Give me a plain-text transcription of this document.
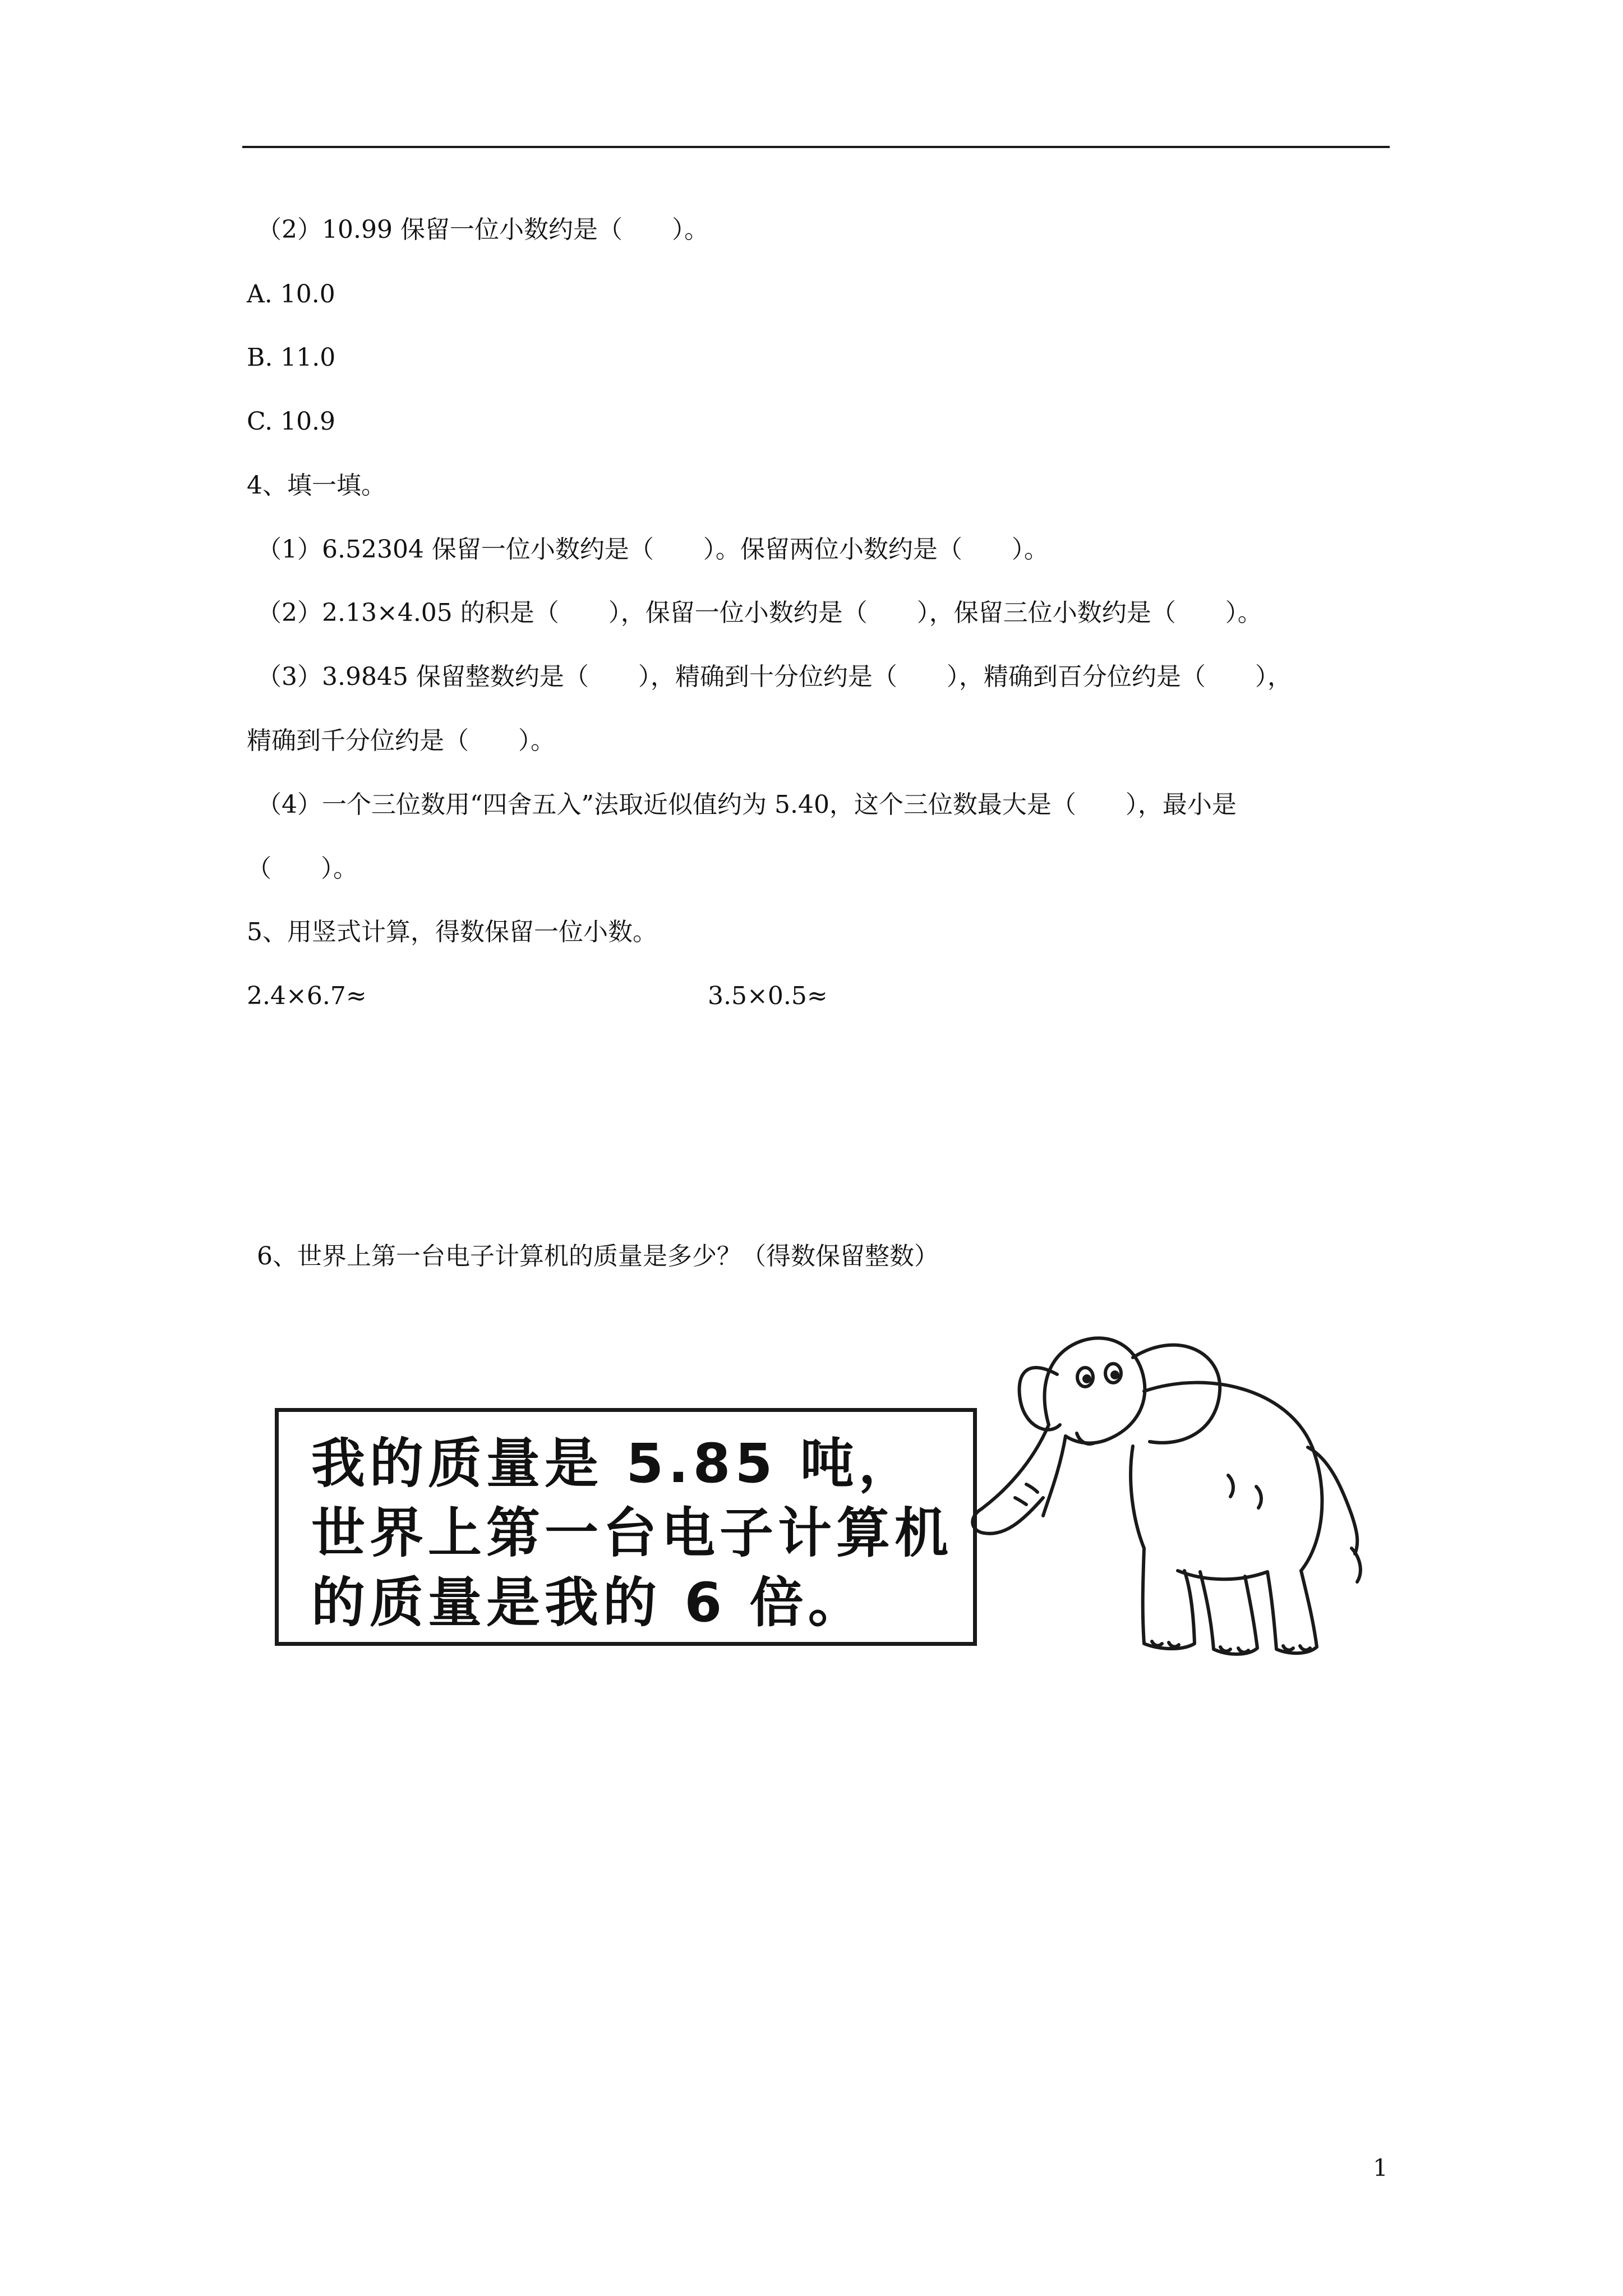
（2）10.99 保留一位小数约是（　　）。
A. 10.0
B. 11.0
C. 10.9
4、填一填。
（1）6.52304 保留一位小数约是（　　）。保留两位小数约是（　　）。
（2）2.13×4.05 的积是（　　），保留一位小数约是（　　），保留三位小数约是（　　）。
（3）3.9845 保留整数约是（　　），精确到十分位约是（　　），精确到百分位约是（　　），
精确到千分位约是（　　）。
（4）一个三位数用“四舍五入”法取近似值约为 5.40，这个三位数最大是（　　），最小是
（　　）。
5、用竖式计算，得数保留一位小数。
2.4×6.7≈	3.5×0.5≈
6、世界上第一台电子计算机的质量是多少？（得数保留整数）
我的质量是 5.85 吨，世界上第一台电子计算机的质量是我的 6 倍。
1
